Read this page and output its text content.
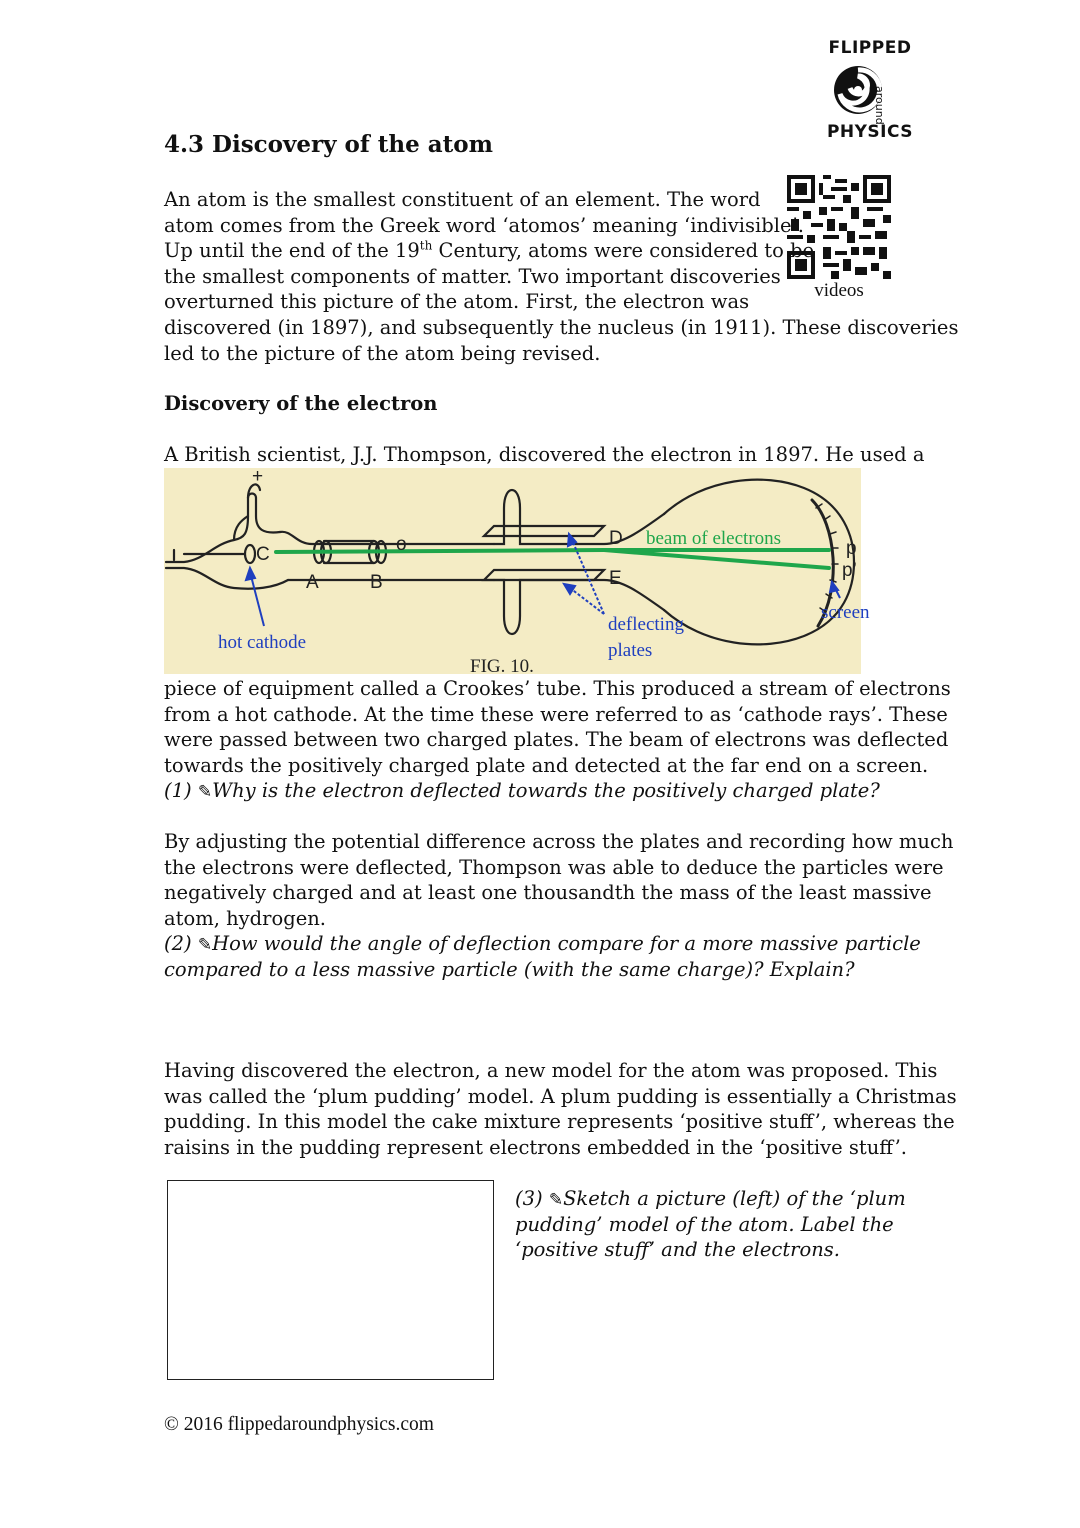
FLIPPED
around
PHYSICS
4.3 Discovery of the atom
videos
An atom is the smallest constituent of an element. The word
atom comes from the Greek word ‘atomos’ meaning ‘indivisible’.
Up until the end of the 19th Century, atoms were considered to be
the smallest components of matter. Two important discoveries
overturned this picture of the atom. First, the electron was
discovered (in 1897), and subsequently the nucleus (in 1911). These discoveries
led to the picture of the atom being revised.
Discovery of the electron
A British scientist, J.J. Thompson, discovered the electron in 1897. He used a
+
C
A	B
o	D
E
p
p’
beam of electrons
screen
hot cathode
deflecting
plates
FIG. 10.
piece of equipment called a Crookes’ tube. This produced a stream of electrons
from a hot cathode. At the time these were referred to as ‘cathode rays’. These
were passed between two charged plates. The beam of electrons was deflected
towards the positively charged plate and detected at the far end on a screen.
(1) ✎Why is the electron deflected towards the positively charged plate?
By adjusting the potential difference across the plates and recording how much
the electrons were deflected, Thompson was able to deduce the particles were
negatively charged and at least one thousandth the mass of the least massive
atom, hydrogen.
(2) ✎How would the angle of deflection compare for a more massive particle
compared to a less massive particle (with the same charge)? Explain?
Having discovered the electron, a new model for the atom was proposed. This
was called the ‘plum pudding’ model. A plum pudding is essentially a Christmas
pudding. In this model the cake mixture represents ‘positive stuff’, whereas the
raisins in the pudding represent electrons embedded in the ‘positive stuff’.
(3) ✎Sketch a picture (left) of the ‘plum
pudding’ model of the atom. Label the
‘positive stuff’ and the electrons.
© 2016 flippedaroundphysics.com
